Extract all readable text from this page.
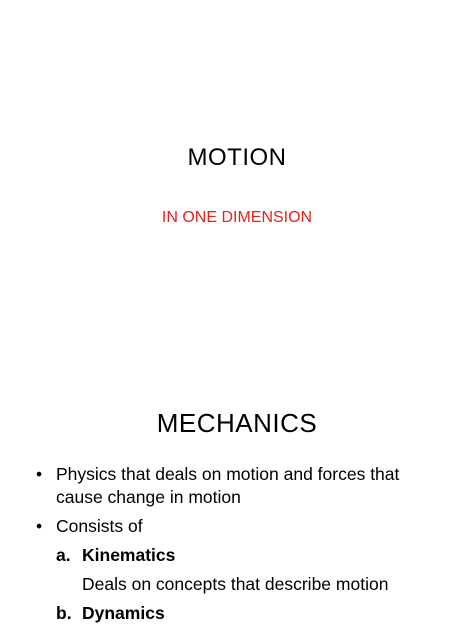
MOTION
IN ONE DIMENSION
MECHANICS
• Physics that deals on motion and forces that cause change in motion
• Consists of
a. Kinematics
Deals on concepts that describe motion
b. Dynamics
